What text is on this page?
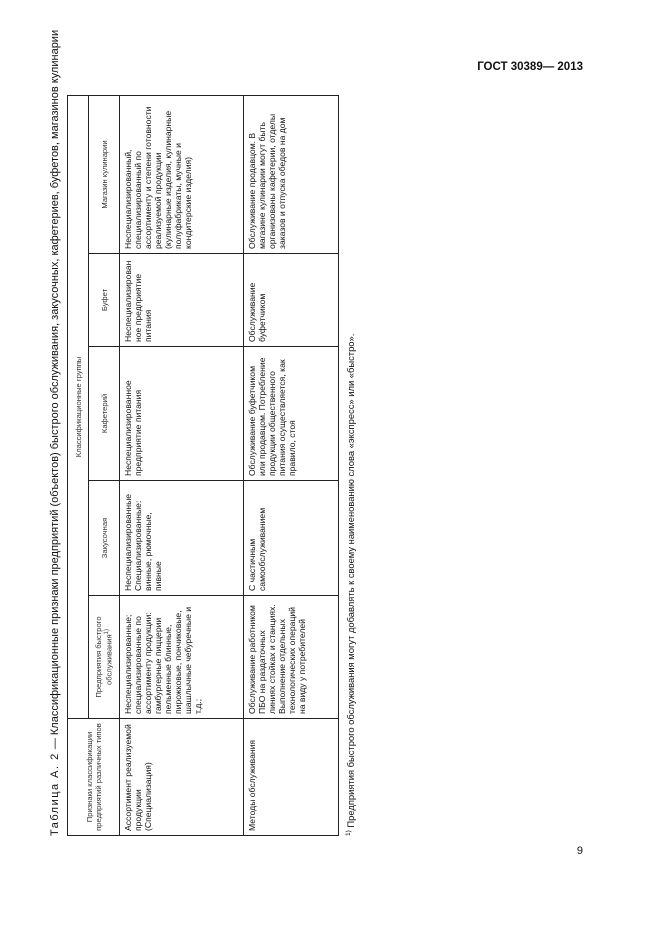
ГОСТ 30389— 2013
Таблица А. 2 — Классификационные признаки предприятий (объектов) быстрого обслуживания, закусочных, кафетериев, буфетов, магазинов кулинарии
Признаки классификации предприятий различных типов	Классификационные группы				
	Предприятия быстрого обслуживания$^{1)}$	Закусочная	Кафетерий	Буфет	Магазин кулинарии
Ассортимент реализуемой продукции (Специализация)	Неспециализированные; специализированные по ассортименту продукции: гамбургерные пиццерии пельменные блинные, пирожковые, пончиковые, шашлычные чебуречные и т.д.;	Неспециализированные Специализированные: винные, рюмочные, пивные	Неспециализированное предприятие питания	Неспециализированное предприятие питания	Неспециализированный, специализированный по ассортименту и степени готовности реализуемой продукции (кулинарные изделия, кулинарные полуфабрикаты, мучные и кондитерские изделия)
Методы обслуживания	Обслуживание работником ПБО на раздаточных линиях стойках и станциях. Выполнение отдельных технологических операций на виду у потребителей	С частичным самообслуживанием	Обслуживание буфетчиком или продавцом. Потребление продукции общественного питания осуществляется, как правило, стоя	Обслуживание буфетчиком	Обслуживание продавцом. В магазине кулинарии могут быть организованы кафетерии, отделы заказов и отпуска обедов на дом
$^{1)}$ Предприятия быстрого обслуживания могут добавлять к своему наименованию слова «экспресс» или «быстро».
9
